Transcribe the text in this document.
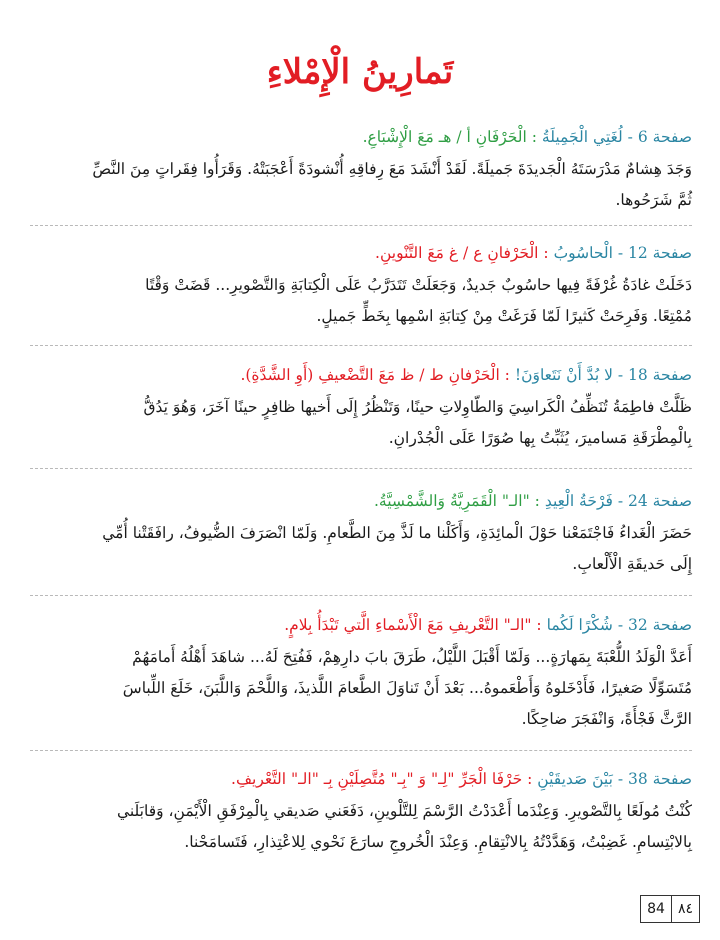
تَمارِينُ الْإِمْلاءِ
صفحة 6 - لُغَتِي الْجَمِيلَةُ : الْحَرْفَانِ أ / هـ مَعَ الْإِشْبَاعِ.
وَجَدَ هِشامٌ مَدْرَسَتَهُ الْجَديدَةَ جَميلَةً. لَقَدْ أَنْشَدَ مَعَ رِفاقِهِ أُنْشودَةً أَعْجَبَتْهُ. وَقَرَأُوا فِقَراتٍ مِنَ النَّصِّ
ثُمَّ شَرَحُوها.
صفحة 12 - الْحاسُوبُ : الْحَرْفانِ ع / غ مَعَ التَّنْوينِ.
دَخَلَتْ غادَةُ غُرْفَةً فِيها حاسُوبٌ جَديدٌ، وَجَعَلَتْ تَتَدَرَّبُ عَلَى الْكِتابَةِ وَالتَّصْويرِ... قَضَتْ وَقْتًا
مُمْتِعًا. وَفَرِحَتْ كَثيرًا لَمّا فَرَغَتْ مِنْ كِتابَةِ اسْمِها بِخَطٍّ جَميلٍ.
صفحة 18 - لا بُدَّ أَنْ نَتَعاوَنَ! : الْحَرْفانِ ط / ظ مَعَ التَّضْعيفِ (أَوِ الشَّدَّةِ).
ظَلَّتْ فاطِمَةُ تُنَظِّفُ الْكَراسِيَ وَالطّاوِلاتِ حينًا، وَتَنْظُرُ إِلَى أَخيها ظافِرٍ حينًا آخَرَ، وَهُوَ يَدُقُّ
بِالْمِطْرَقَةِ مَساميرَ، يُثَبِّتُ بِها صُوَرًا عَلَى الْجُدْرانِ.
صفحة 24 - فَرْحَةُ الْعِيدِ : "الـ" الْقَمَرِيَّةُ وَالشَّمْسِيَّةُ.
حَضَرَ الْغَداءُ فَاجْتَمَعْنا حَوْلَ الْمائِدَةِ، وَأَكَلْنا ما لَذَّ مِنَ الطَّعامِ. وَلَمّا انْصَرَفَ الضُّيوفُ، رافَقَتْنا أُمِّي
إِلَى حَديقَةِ الْأَلْعابِ.
صفحة 32 - شُكْرًا لَكُما : "الـ" التَّعْريفِ مَعَ الْأَسْماءِ الَّتي تَبْدَأُ بِلامٍ.
أَعَدَّ الْوَلَدُ اللُّعْبَةَ بِمَهارَةٍ... وَلَمّا أَقْبَلَ اللَّيْلُ، طَرَقَ بابَ دارِهِمْ، فَفُتِحَ لَهُ... شاهَدَ أَهْلُهُ أَمامَهُمْ
مُتَسَوِّلًا صَغيرًا، فَأَدْخَلوهُ وَأَطْعَموهُ... بَعْدَ أَنْ تَناوَلَ الطَّعامَ اللَّذيذَ، وَاللَّحْمَ وَاللَّبَنَ، خَلَعَ اللِّباسَ
الرَّثَّ فَجْأَةً، وَانْفَجَرَ ضاحِكًا.
صفحة 38 - بَيْنَ صَديقَيْنِ : حَرْفَا الْجَرِّ "لِـ" وَ "بِـ" مُتَّصِلَيْنِ بِـ "الـ" التَّعْريفِ.
كُنْتُ مُولَعًا بِالتَّصْويرِ. وَعِنْدَما أَعْدَدْتُ الرَّسْمَ لِلتَّلْوينِ، دَفَعَني صَديقي بِالْمِرْفَقِ الْأَيْمَنِ، وَقابَلَني
بِالابْتِسامِ. غَضِبْتُ، وَهَدَّدْتُهُ بِالانْتِقامِ. وَعِنْدَ الْخُروجِ سارَعَ نَحْوي لِلاعْتِذارِ، فَتَسامَحْنا.
84 ٨٤
